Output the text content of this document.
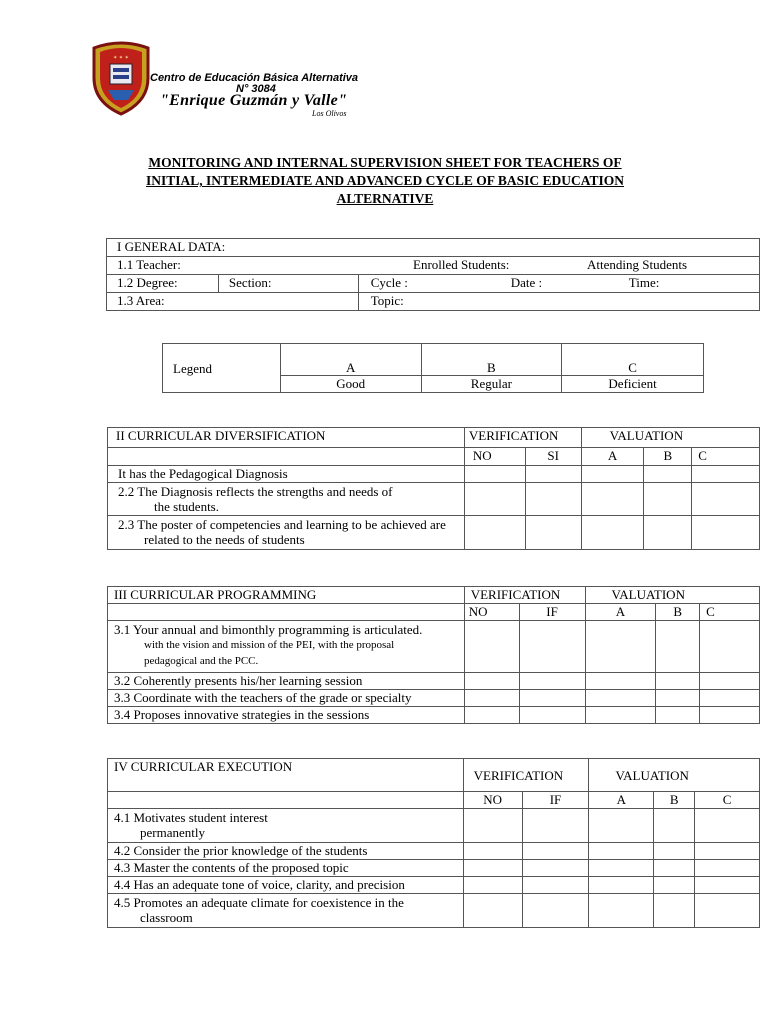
✶ ✶ ✶
Centro de Educación Básica Alternativa
N° 3084
"Enrique Guzmán y Valle"
Los Olivos
MONITORING AND INTERNAL SUPERVISION SHEET FOR TEACHERS OF
INITIAL, INTERMEDIATE AND ADVANCED CYCLE OF BASIC EDUCATION
ALTERNATIVE
I GENERAL DATA:		
1.1 Teacher: Enrolled Students: Attending Students		

1.2 Degree:	Section:	Cycle : Date : Time:

1.3 Area:		Topic:
Legend	A	B	C
	Good	Regular	Deficient
II CURRICULAR DIVERSIFICATION	VERIFICATION		VALUATION		
	NO	SI	A	B	C
It has the Pedagogical Diagnosis					
2.2 The Diagnosis reflects the strengths and needs of
the students.					

2.3 The poster of competencies and learning to be achieved are
related to the needs of students					

III CURRICULAR PROGRAMMING	VERIFICATION		VALUATION		
	NO	IF	A	B	C
3.1 Your annual and bimonthly programming is articulated.
with the vision and mission of the PEI, with the proposal
pedagogical and the PCC.					

3.2 Coherently presents his/her learning session					
3.3 Coordinate with the teachers of the grade or specialty					
3.4 Proposes innovative strategies in the sessions					
IV CURRICULAR EXECUTION	VERIFICATION		VALUATION		
	NO	IF	A	B	C
4.1 Motivates student interest
permanently					

4.2 Consider the prior knowledge of the students					
4.3 Master the contents of the proposed topic					
4.4 Has an adequate tone of voice, clarity, and precision					
4.5 Promotes an adequate climate for coexistence in the
classroom					
